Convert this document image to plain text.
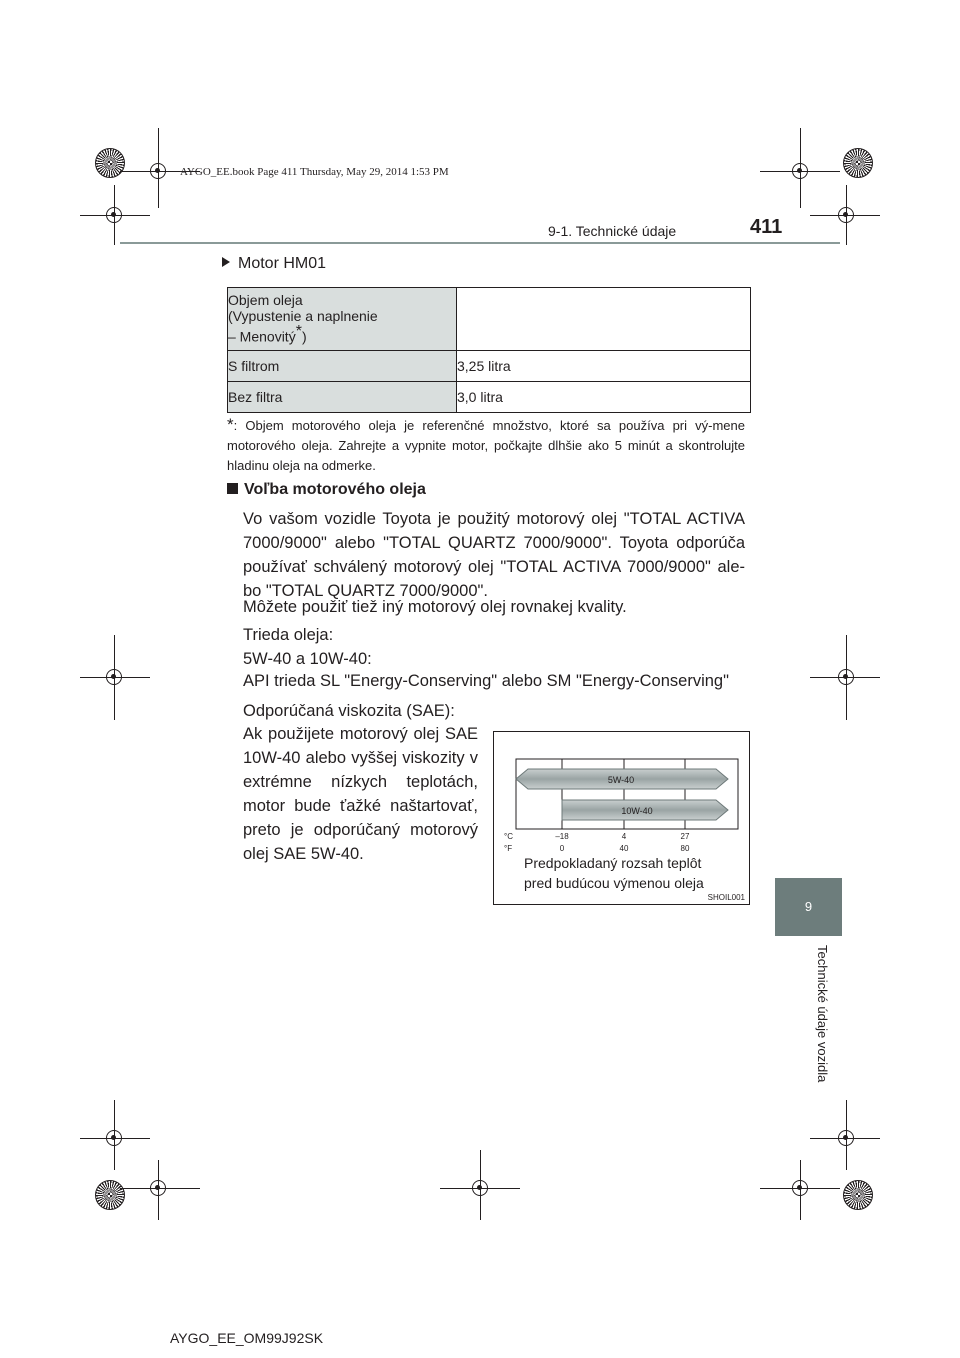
AYGO_EE.book Page 411 Thursday, May 29, 2014 1:53 PM
9-1. Technické údaje	411
9
Technické údaje vozidla
Motor HM01
Objem oleja
(Vypustenie a naplnenie
– Menovitý*)	

S filtrom	3,25 litra
Bez filtra	3,0 litra
*: Objem motorového oleja je referenčné množstvo, ktoré sa používa pri vý-mene motorového oleja. Zahrejte a vypnite motor, počkajte dlhšie ako 5 minút a skontrolujte hladinu oleja na odmerke.
Voľba motorového oleja
Vo vašom vozidle Toyota je použitý motorový olej "TOTAL ACTIVA 7000/9000" alebo "TOTAL QUARTZ 7000/9000". Toyota odporúča používať schválený motorový olej "TOTAL ACTIVA 7000/9000" ale-bo "TOTAL QUARTZ 7000/9000".
Môžete použiť tiež iný motorový olej rovnakej kvality.
Trieda oleja:
5W-40 a 10W-40:
API trieda SL "Energy-Conserving" alebo SM "Energy-Conserving"
Odporúčaná viskozita (SAE):
Ak použijete motorový olej SAE 10W-40 alebo vyššej viskozity v extrémne nízkych teplotách, motor bude ťažké naštartovať, preto je odporúčaný motorový olej SAE 5W-40.
5W-40
10W-40
°C
°F
–18	4	27
0	40	80
Predpokladaný rozsah teplôt
pred budúcou výmenou oleja
SHOIL001
AYGO_EE_OM99J92SK
